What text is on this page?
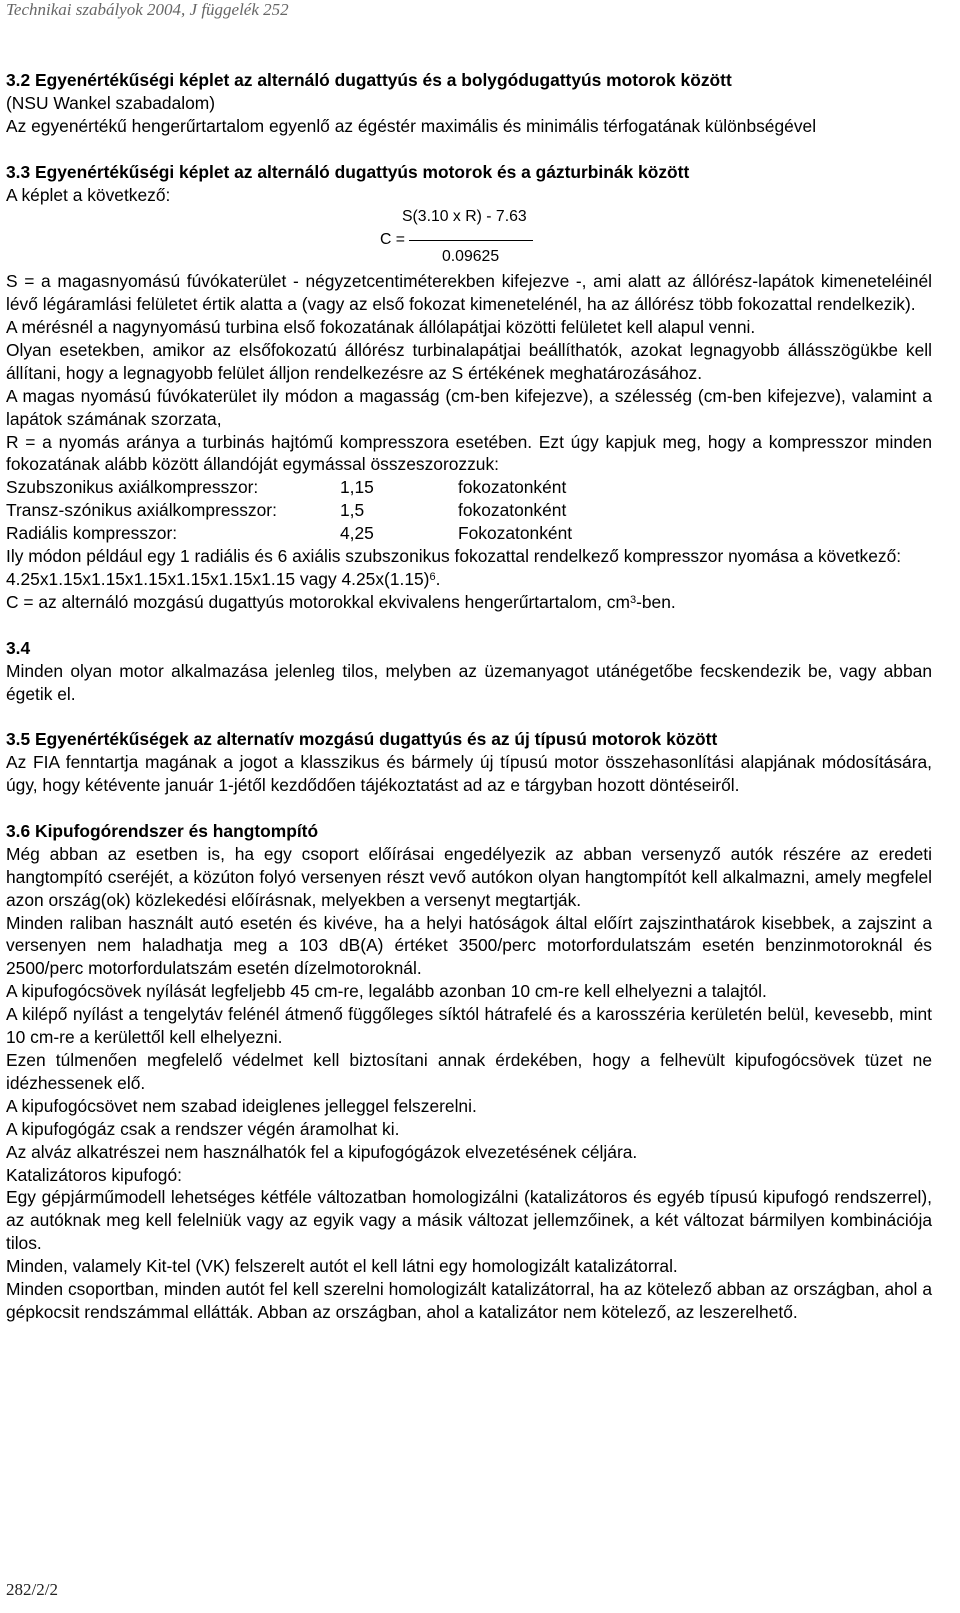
Technikai szabályok 2004, J függelék 252

3.2 Egyenértékűségi képlet az alternáló dugattyús és a bolygódugattyús motorok között

(NSU Wankel szabadalom)

Az egyenértékű hengerűrtartalom egyenlő az égéstér maximális és minimális térfogatának különbségével

3.3 Egyenértékűségi képlet az alternáló dugattyús motorok és a gázturbinák között

A képlet a következő:

S(3.10 x R) - 7.63
C =
0.09625

S = a magasnyomású fúvókaterület - négyzetcentiméterekben kifejezve -, ami alatt az állórész-lapátok kimeneteléinél lévő légáramlási felületet értik alatta a (vagy az első fokozat kimenetelénél, ha az állórész több fokozattal rendelkezik).

A mérésnél a nagynyomású turbina első fokozatának állólapátjai közötti felületet kell alapul venni.

Olyan esetekben, amikor az elsőfokozatú állórész turbinalapátjai beállíthatók, azokat legnagyobb állásszögükbe kell állítani, hogy a legnagyobb felület álljon rendelkezésre az S értékének meghatározásához.

A magas nyomású fúvókaterület ily módon a magasság (cm-ben kifejezve), a szélesség (cm-ben kifejezve), valamint a lapátok számának szorzata,

R = a nyomás aránya a turbinás hajtómű kompresszora esetében. Ezt úgy kapjuk meg, hogy a kompresszor minden fokozatának alább között állandóját egymással összeszorozzuk:

Szubszonikus axiálkompresszor:	1,15	fokozatonként
Transz-szónikus axiálkompresszor:	1,5	fokozatonként
Radiális kompresszor:	4,25	Fokozatonként

Ily módon például egy 1 radiális és 6 axiális szubszonikus fokozattal rendelkező kompresszor nyomása a következő:

4.25x1.15x1.15x1.15x1.15x1.15x1.15 vagy $4.25x(1.15)^6$.

C = az alternáló mozgású dugattyús motorokkal ekvivalens hengerűrtartalom, $cm^3$-ben.

3.4

Minden olyan motor alkalmazása jelenleg tilos, melyben az üzemanyagot utánégetőbe fecskendezik be, vagy abban égetik el.

3.5 Egyenértékűségek az alternatív mozgású dugattyús és az új típusú motorok között

Az FIA fenntartja magának a jogot a klasszikus és bármely új típusú motor összehasonlítási alapjának módosítására, úgy, hogy kétévente január 1-jétől kezdődően tájékoztatást ad az e tárgyban hozott döntéseiről.

3.6 Kipufogórendszer és hangtompító

Még abban az esetben is, ha egy csoport előírásai engedélyezik az abban versenyző autók részére az eredeti hangtompító cseréjét, a közúton folyó versenyen részt vevő autókon olyan hangtompítót kell alkalmazni, amely megfelel azon ország(ok) közlekedési előírásnak, melyekben a versenyt megtartják.

Minden raliban használt autó esetén és kivéve, ha a helyi hatóságok által előírt zajszinthatárok kisebbek, a zajszint a versenyen nem haladhatja meg a 103 dB(A) értéket 3500/perc motorfordulatszám esetén benzinmotoroknál és 2500/perc motorfordulatszám esetén dízelmotoroknál.

A kipufogócsövek nyílását legfeljebb 45 cm-re, legalább azonban 10 cm-re kell elhelyezni a talajtól.

A kilépő nyílást a tengelytáv felénél átmenő függőleges síktól hátrafelé és a karosszéria kerületén belül, kevesebb, mint 10 cm-re a kerülettől kell elhelyezni.

Ezen túlmenően megfelelő védelmet kell biztosítani annak érdekében, hogy a felhevült kipufogócsövek tüzet ne idézhessenek elő.

A kipufogócsövet nem szabad ideiglenes jelleggel felszerelni.

A kipufogógáz csak a rendszer végén áramolhat ki.

Az alváz alkatrészei nem használhatók fel a kipufogógázok elvezetésének céljára.

Katalizátoros kipufogó:

Egy gépjárműmodell lehetséges kétféle változatban homologizálni (katalizátoros és egyéb típusú kipufogó rendszerrel), az autóknak meg kell felelniük vagy az egyik vagy a másik változat jellemzőinek, a két változat bármilyen kombinációja tilos.

Minden, valamely Kit-tel (VK) felszerelt autót el kell látni egy homologizált katalizátorral.

Minden csoportban, minden autót fel kell szerelni homologizált katalizátorral, ha az kötelező abban az országban, ahol a gépkocsit rendszámmal ellátták. Abban az országban, ahol a katalizátor nem kötelező, az leszerelhető.

282/2/2
